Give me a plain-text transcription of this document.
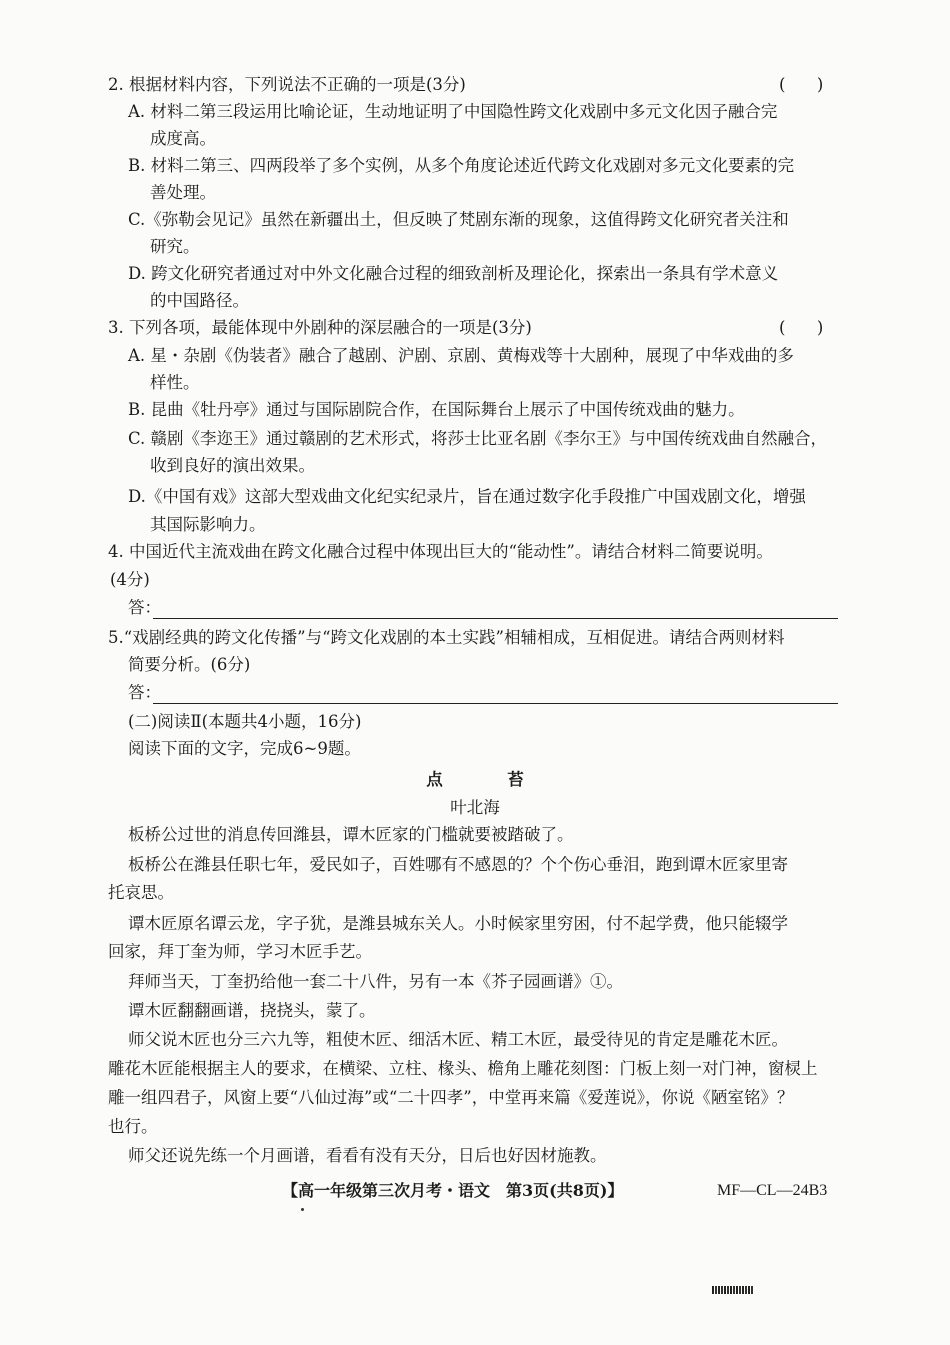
2. 根据材料内容，下列说法不正确的一项是(3分)	(      )
A. 材料二第三段运用比喻论证，生动地证明了中国隐性跨文化戏剧中多元文化因子融合完
成度高。
B. 材料二第三、四两段举了多个实例，从多个角度论述近代跨文化戏剧对多元文化要素的完
善处理。
C.《弥勒会见记》虽然在新疆出土，但反映了梵剧东渐的现象，这值得跨文化研究者关注和
研究。
D. 跨文化研究者通过对中外文化融合过程的细致剖析及理论化，探索出一条具有学术意义
的中国路径。
3. 下列各项，最能体现中外剧种的深层融合的一项是(3分)	(      )
A. 星・杂剧《伪装者》融合了越剧、沪剧、京剧、黄梅戏等十大剧种，展现了中华戏曲的多
样性。
B. 昆曲《牡丹亭》通过与国际剧院合作，在国际舞台上展示了中国传统戏曲的魅力。
C. 赣剧《李迩王》通过赣剧的艺术形式，将莎士比亚名剧《李尔王》与中国传统戏曲自然融合，
收到良好的演出效果。
D.《中国有戏》这部大型戏曲文化纪实纪录片，旨在通过数字化手段推广中国戏剧文化，增强
其国际影响力。
4. 中国近代主流戏曲在跨文化融合过程中体现出巨大的“能动性”。请结合材料二简要说明。
(4分)
答：
5.“戏剧经典的跨文化传播”与“跨文化戏剧的本土实践”相辅相成，互相促进。请结合两则材料
简要分析。(6分)
答：
(二)阅读Ⅱ(本题共4小题，16分)
阅读下面的文字，完成6~9题。
点　苔
叶北海
板桥公过世的消息传回潍县，谭木匠家的门槛就要被踏破了。
板桥公在潍县任职七年，爱民如子，百姓哪有不感恩的？个个伤心垂泪，跑到谭木匠家里寄
托哀思。
谭木匠原名谭云龙，字子犹，是潍县城东关人。小时候家里穷困，付不起学费，他只能辍学
回家，拜丁奎为师，学习木匠手艺。
拜师当天，丁奎扔给他一套二十八件，另有一本《芥子园画谱》①。
谭木匠翻翻画谱，挠挠头，蒙了。
师父说木匠也分三六九等，粗使木匠、细活木匠、精工木匠，最受待见的肯定是雕花木匠。
雕花木匠能根据主人的要求，在横梁、立柱、椽头、檐角上雕花刻图：门板上刻一对门神，窗棂上
雕一组四君子，风窗上要“八仙过海”或“二十四孝”，中堂再来篇《爱莲说》，你说《陋室铭》？
也行。
师父还说先练一个月画谱，看看有没有天分，日后也好因材施教。
【高一年级第三次月考・语文　第3页(共8页)】	MF—CL—24B3
